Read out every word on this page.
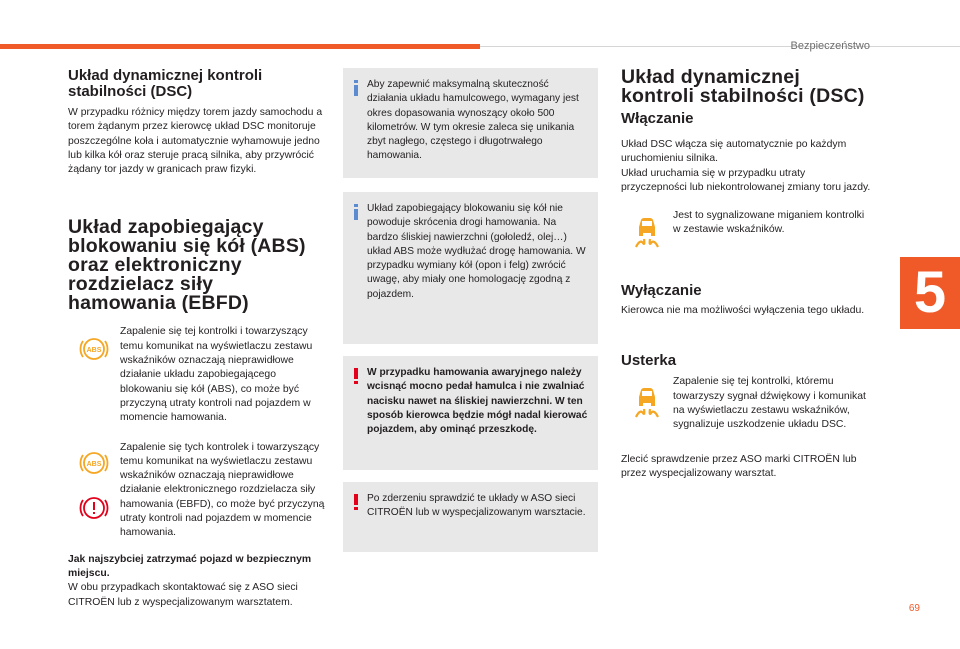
Bezpieczeństwo
5
69
Układ dynamicznej kontroli stabilności (DSC)

W przypadku różnicy między torem jazdy samochodu a torem żądanym przez kierowcę układ DSC monitoruje poszczególne koła i automatycznie wyhamowuje jedno lub kilka kół oraz steruje pracą silnika, aby przywrócić żądany tor jazdy w granicach praw fizyki.

Układ zapobiegający blokowaniu się kół (ABS) oraz elektroniczny rozdzielacz siły hamowania (EBFD)
ABS

Zapalenie się tej kontrolki i towarzyszący temu komunikat na wyświetlaczu zestawu wskaźników oznaczają nieprawidłowe działanie układu zapobiegającego blokowaniu się kół (ABS), co może być przyczyną utraty kontroli nad pojazdem w momencie hamowania.

ABS

Zapalenie się tych kontrolek i towarzyszący temu komunikat na wyświetlaczu zestawu wskaźników oznaczają nieprawidłowe działanie elektronicznego rozdzielacza siły hamowania (EBFD), co może być przyczyną utraty kontroli nad pojazdem w momencie hamowania.

Jak najszybciej zatrzymać pojazd w bezpiecznym miejscu.

W obu przypadkach skontaktować się z ASO sieci CITROËN lub z wyspecjalizowanym warsztatem.

Aby zapewnić maksymalną skuteczność działania układu hamulcowego, wymagany jest okres dopasowania wynoszący około 500 kilometrów. W tym okresie zaleca się unikania zbyt nagłego, częstego i długotrwałego hamowania.

Układ zapobiegający blokowaniu się kół nie powoduje skrócenia drogi hamowania. Na bardzo śliskiej nawierzchni (gołoledź, olej…) układ ABS może wydłużać drogę hamowania. W przypadku wymiany kół (opon i felg) zwrócić uwagę, aby miały one homologację zgodną z pojazdem.

W przypadku hamowania awaryjnego należy wcisnąć mocno pedał hamulca i nie zwalniać nacisku nawet na śliskiej nawierzchni. W ten sposób kierowca będzie mógł nadal kierować pojazdem, aby ominąć przeszkodę.

Po zderzeniu sprawdzić te układy w ASO sieci CITROËN lub w wyspecjalizowanym warsztacie.

Układ dynamicznej kontroli stabilności (DSC)
Włączanie

Układ DSC włącza się automatycznie po każdym uruchomieniu silnika.

Układ uruchamia się w przypadku utraty przyczepności lub niekontrolowanej zmiany toru jazdy.

Jest to sygnalizowane miganiem kontrolki w zestawie wskaźników.

Wyłączanie

Kierowca nie ma możliwości wyłączenia tego układu.

Usterka

Zapalenie się tej kontrolki, któremu towarzyszy sygnał dźwiękowy i komunikat na wyświetlaczu zestawu wskaźników, sygnalizuje uszkodzenie układu DSC.

Zlecić sprawdzenie przez ASO marki CITROËN lub przez wyspecjalizowany warsztat.
